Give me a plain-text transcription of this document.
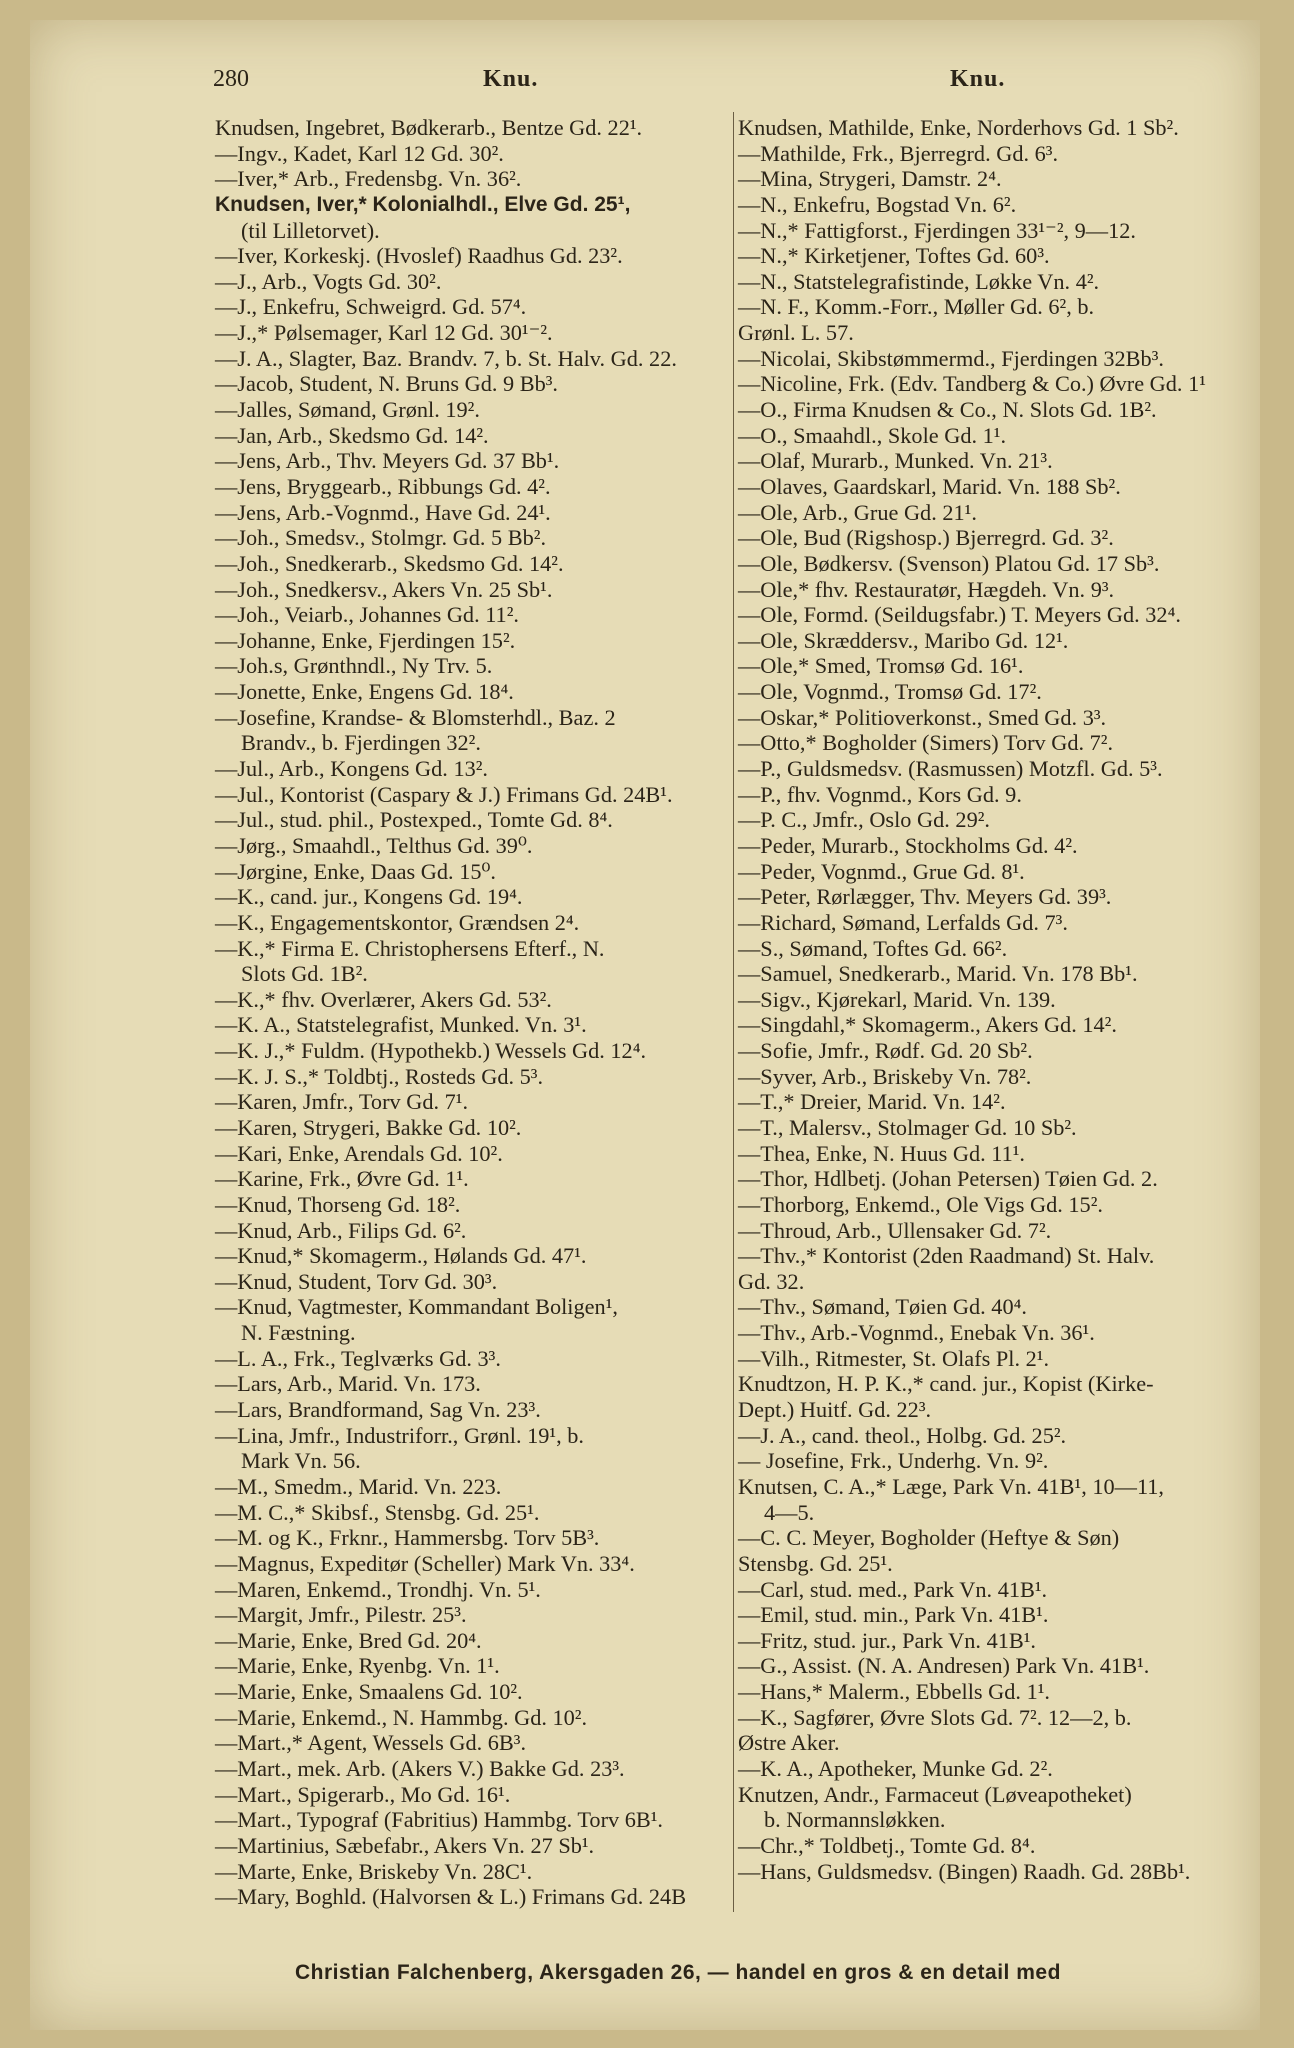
280	Knu.	Knu.
Knudsen, Ingebret, Bødkerarb., Bentze Gd. 22¹.
—Ingv., Kadet, Karl 12 Gd. 30².
—Iver,* Arb., Fredensbg. Vn. 36².
Knudsen, Iver,* Kolonialhdl., Elve Gd. 25¹,
(til Lilletorvet).
—Iver, Korkeskj. (Hvoslef) Raadhus Gd. 23².
—J., Arb., Vogts Gd. 30².
—J., Enkefru, Schweigrd. Gd. 57⁴.
—J.,* Pølsemager, Karl 12 Gd. 30¹⁻².
—J. A., Slagter, Baz. Brandv. 7, b. St. Halv. Gd. 22.
—Jacob, Student, N. Bruns Gd. 9 Bb³.
—Jalles, Sømand, Grønl. 19².
—Jan, Arb., Skedsmo Gd. 14².
—Jens, Arb., Thv. Meyers Gd. 37 Bb¹.
—Jens, Bryggearb., Ribbungs Gd. 4².
—Jens, Arb.-Vognmd., Have Gd. 24¹.
—Joh., Smedsv., Stolmgr. Gd. 5 Bb².
—Joh., Snedkerarb., Skedsmo Gd. 14².
—Joh., Snedkersv., Akers Vn. 25 Sb¹.
—Joh., Veiarb., Johannes Gd. 11².
—Johanne, Enke, Fjerdingen 15².
—Joh.s, Grønthndl., Ny Trv. 5.
—Jonette, Enke, Engens Gd. 18⁴.
—Josefine, Krandse- & Blomsterhdl., Baz. 2
Brandv., b. Fjerdingen 32².
—Jul., Arb., Kongens Gd. 13².
—Jul., Kontorist (Caspary & J.) Frimans Gd. 24B¹.
—Jul., stud. phil., Postexped., Tomte Gd. 8⁴.
—Jørg., Smaahdl., Telthus Gd. 39⁰.
—Jørgine, Enke, Daas Gd. 15⁰.
—K., cand. jur., Kongens Gd. 19⁴.
—K., Engagementskontor, Grændsen 2⁴.
—K.,* Firma E. Christophersens Efterf., N.
Slots Gd. 1B².
—K.,* fhv. Overlærer, Akers Gd. 53².
—K. A., Statstelegrafist, Munked. Vn. 3¹.
—K. J.,* Fuldm. (Hypothekb.) Wessels Gd. 12⁴.
—K. J. S.,* Toldbtj., Rosteds Gd. 5³.
—Karen, Jmfr., Torv Gd. 7¹.
—Karen, Strygeri, Bakke Gd. 10².
—Kari, Enke, Arendals Gd. 10².
—Karine, Frk., Øvre Gd. 1¹.
—Knud, Thorseng Gd. 18².
—Knud, Arb., Filips Gd. 6².
—Knud,* Skomagerm., Hølands Gd. 47¹.
—Knud, Student, Torv Gd. 30³.
—Knud, Vagtmester, Kommandant Boligen¹,
N. Fæstning.
—L. A., Frk., Teglværks Gd. 3³.
—Lars, Arb., Marid. Vn. 173.
—Lars, Brandformand, Sag Vn. 23³.
—Lina, Jmfr., Industriforr., Grønl. 19¹, b.
Mark Vn. 56.
—M., Smedm., Marid. Vn. 223.
—M. C.,* Skibsf., Stensbg. Gd. 25¹.
—M. og K., Frknr., Hammersbg. Torv 5B³.
—Magnus, Expeditør (Scheller) Mark Vn. 33⁴.
—Maren, Enkemd., Trondhj. Vn. 5¹.
—Margit, Jmfr., Pilestr. 25³.
—Marie, Enke, Bred Gd. 20⁴.
—Marie, Enke, Ryenbg. Vn. 1¹.
—Marie, Enke, Smaalens Gd. 10².
—Marie, Enkemd., N. Hammbg. Gd. 10².
—Mart.,* Agent, Wessels Gd. 6B³.
—Mart., mek. Arb. (Akers V.) Bakke Gd. 23³.
—Mart., Spigerarb., Mo Gd. 16¹.
—Mart., Typograf (Fabritius) Hammbg. Torv 6B¹.
—Martinius, Sæbefabr., Akers Vn. 27 Sb¹.
—Marte, Enke, Briskeby Vn. 28C¹.
—Mary, Boghld. (Halvorsen & L.) Frimans Gd. 24B
Knudsen, Mathilde, Enke, Norderhovs Gd. 1 Sb².
—Mathilde, Frk., Bjerregrd. Gd. 6³.
—Mina, Strygeri, Damstr. 2⁴.
—N., Enkefru, Bogstad Vn. 6².
—N.,* Fattigforst., Fjerdingen 33¹⁻², 9—12.
—N.,* Kirketjener, Toftes Gd. 60³.
—N., Statstelegrafistinde, Løkke Vn. 4².
—N. F., Komm.-Forr., Møller Gd. 6², b.
Grønl. L. 57.
—Nicolai, Skibstømmermd., Fjerdingen 32Bb³.
—Nicoline, Frk. (Edv. Tandberg & Co.) Øvre Gd. 1¹
—O., Firma Knudsen & Co., N. Slots Gd. 1B².
—O., Smaahdl., Skole Gd. 1¹.
—Olaf, Murarb., Munked. Vn. 21³.
—Olaves, Gaardskarl, Marid. Vn. 188 Sb².
—Ole, Arb., Grue Gd. 21¹.
—Ole, Bud (Rigshosp.) Bjerregrd. Gd. 3².
—Ole, Bødkersv. (Svenson) Platou Gd. 17 Sb³.
—Ole,* fhv. Restauratør, Hægdeh. Vn. 9³.
—Ole, Formd. (Seildugsfabr.) T. Meyers Gd. 32⁴.
—Ole, Skræddersv., Maribo Gd. 12¹.
—Ole,* Smed, Tromsø Gd. 16¹.
—Ole, Vognmd., Tromsø Gd. 17².
—Oskar,* Politioverkonst., Smed Gd. 3³.
—Otto,* Bogholder (Simers) Torv Gd. 7².
—P., Guldsmedsv. (Rasmussen) Motzfl. Gd. 5³.
—P., fhv. Vognmd., Kors Gd. 9.
—P. C., Jmfr., Oslo Gd. 29².
—Peder, Murarb., Stockholms Gd. 4².
—Peder, Vognmd., Grue Gd. 8¹.
—Peter, Rørlægger, Thv. Meyers Gd. 39³.
—Richard, Sømand, Lerfalds Gd. 7³.
—S., Sømand, Toftes Gd. 66².
—Samuel, Snedkerarb., Marid. Vn. 178 Bb¹.
—Sigv., Kjørekarl, Marid. Vn. 139.
—Singdahl,* Skomagerm., Akers Gd. 14².
—Sofie, Jmfr., Rødf. Gd. 20 Sb².
—Syver, Arb., Briskeby Vn. 78².
—T.,* Dreier, Marid. Vn. 14².
—T., Malersv., Stolmager Gd. 10 Sb².
—Thea, Enke, N. Huus Gd. 11¹.
—Thor, Hdlbetj. (Johan Petersen) Tøien Gd. 2.
—Thorborg, Enkemd., Ole Vigs Gd. 15².
—Throud, Arb., Ullensaker Gd. 7².
—Thv.,* Kontorist (2den Raadmand) St. Halv.
Gd. 32.
—Thv., Sømand, Tøien Gd. 40⁴.
—Thv., Arb.-Vognmd., Enebak Vn. 36¹.
—Vilh., Ritmester, St. Olafs Pl. 2¹.
Knudtzon, H. P. K.,* cand. jur., Kopist (Kirke-
Dept.) Huitf. Gd. 22³.
—J. A., cand. theol., Holbg. Gd. 25².
— Josefine, Frk., Underhg. Vn. 9².
Knutsen, C. A.,* Læge, Park Vn. 41B¹, 10—11,
4—5.
—C. C. Meyer, Bogholder (Heftye & Søn)
Stensbg. Gd. 25¹.
—Carl, stud. med., Park Vn. 41B¹.
—Emil, stud. min., Park Vn. 41B¹.
—Fritz, stud. jur., Park Vn. 41B¹.
—G., Assist. (N. A. Andresen) Park Vn. 41B¹.
—Hans,* Malerm., Ebbells Gd. 1¹.
—K., Sagfører, Øvre Slots Gd. 7². 12—2, b.
Østre Aker.
—K. A., Apotheker, Munke Gd. 2².
Knutzen, Andr., Farmaceut (Løveapotheket)
b. Normannsløkken.
—Chr.,* Toldbetj., Tomte Gd. 8⁴.
—Hans, Guldsmedsv. (Bingen) Raadh. Gd. 28Bb¹.
Christian Falchenberg, Akersgaden 26, — handel en gros & en detail med
